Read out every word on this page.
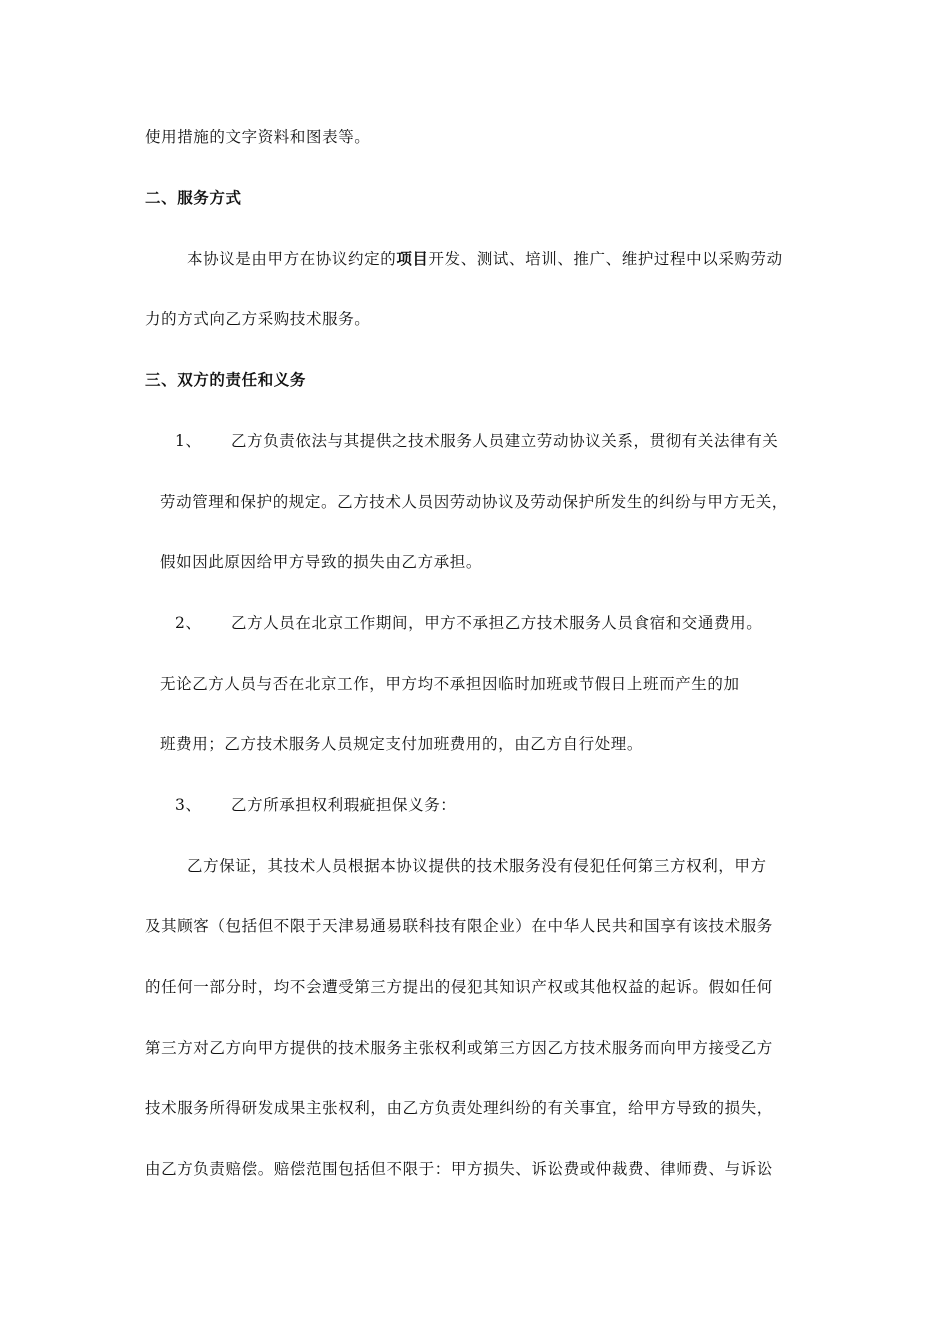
使用措施的文字资料和图表等。
二、服务方式
本协议是由甲方在协议约定的项目开发、测试、培训、推广、维护过程中以采购劳动
力的方式向乙方采购技术服务。
三、双方的责任和义务
1、 乙方负责依法与其提供之技术服务人员建立劳动协议关系，贯彻有关法律有关
劳动管理和保护的规定。乙方技术人员因劳动协议及劳动保护所发生的纠纷与甲方无关，
假如因此原因给甲方导致的损失由乙方承担。
2、 乙方人员在北京工作期间，甲方不承担乙方技术服务人员食宿和交通费用。
无论乙方人员与否在北京工作，甲方均不承担因临时加班或节假日上班而产生的加
班费用；乙方技术服务人员规定支付加班费用的，由乙方自行处理。
3、 乙方所承担权利瑕疵担保义务：
乙方保证，其技术人员根据本协议提供的技术服务没有侵犯任何第三方权利，甲方
及其顾客（包括但不限于天津易通易联科技有限企业）在中华人民共和国享有该技术服务
的任何一部分时，均不会遭受第三方提出的侵犯其知识产权或其他权益的起诉。假如任何
第三方对乙方向甲方提供的技术服务主张权利或第三方因乙方技术服务而向甲方接受乙方
技术服务所得研发成果主张权利，由乙方负责处理纠纷的有关事宜，给甲方导致的损失，
由乙方负责赔偿。赔偿范围包括但不限于：甲方损失、诉讼费或仲裁费、律师费、与诉讼
